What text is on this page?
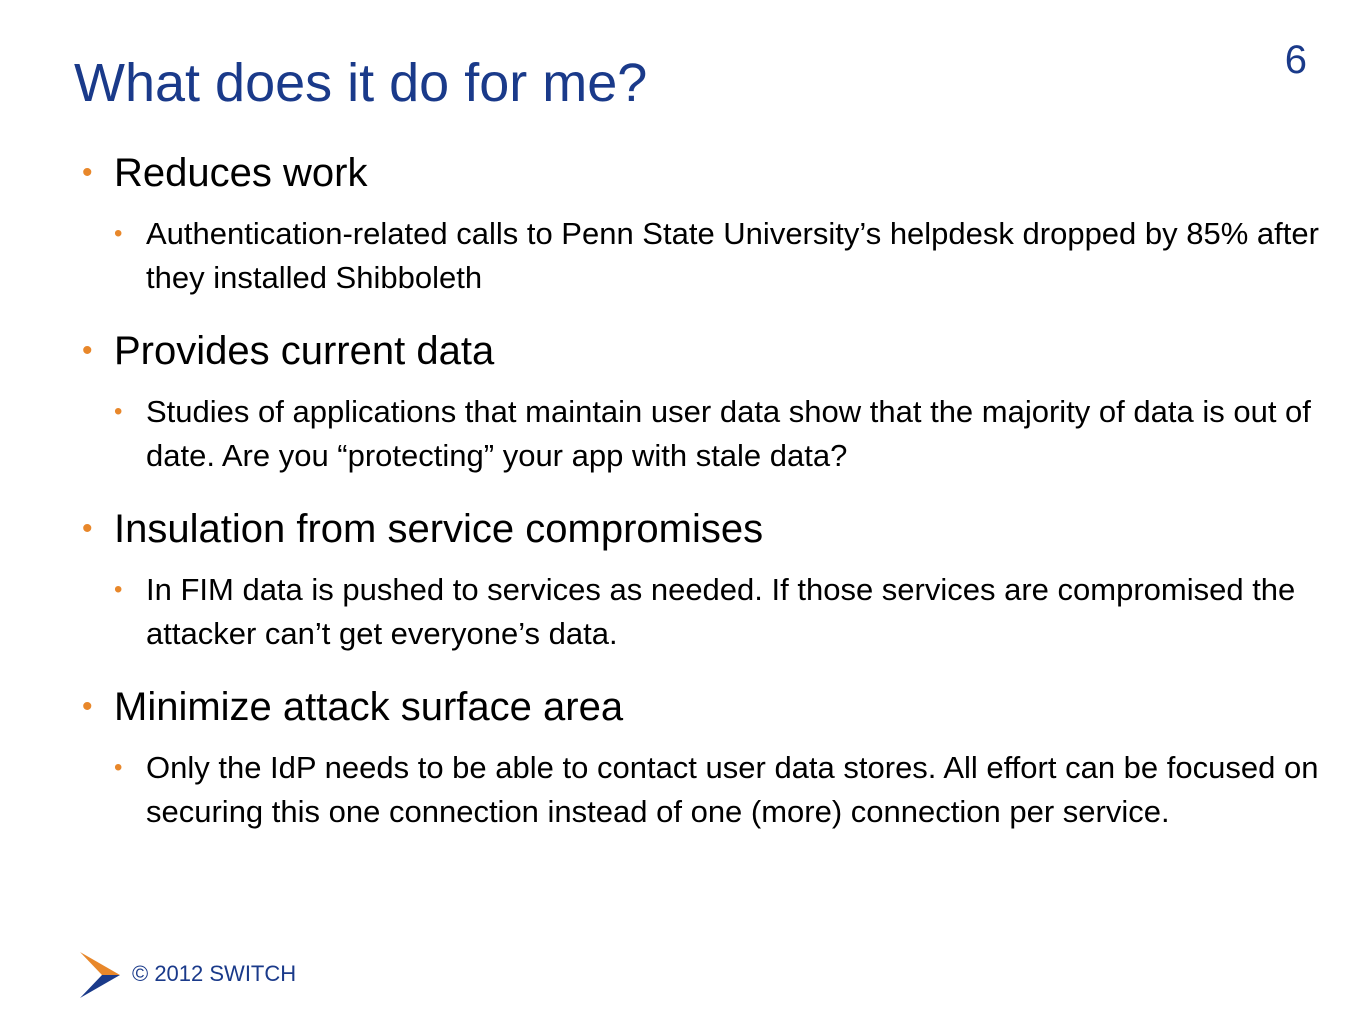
What does it do for me?	6
• Reduces work
• Authentication-related calls to Penn State University’s helpdesk dropped by 85% after they installed Shibboleth
• Provides current data
• Studies of applications that maintain user data show that the majority of data is out of date. Are you “protecting” your app with stale data?
• Insulation from service compromises
• In FIM data is pushed to services as needed. If those services are compromised the attacker can’t get everyone’s data.
• Minimize attack surface area
• Only the IdP needs to be able to contact user data stores. All effort can be focused on securing this one connection instead of one (more) connection per service.
© 2012 SWITCH
